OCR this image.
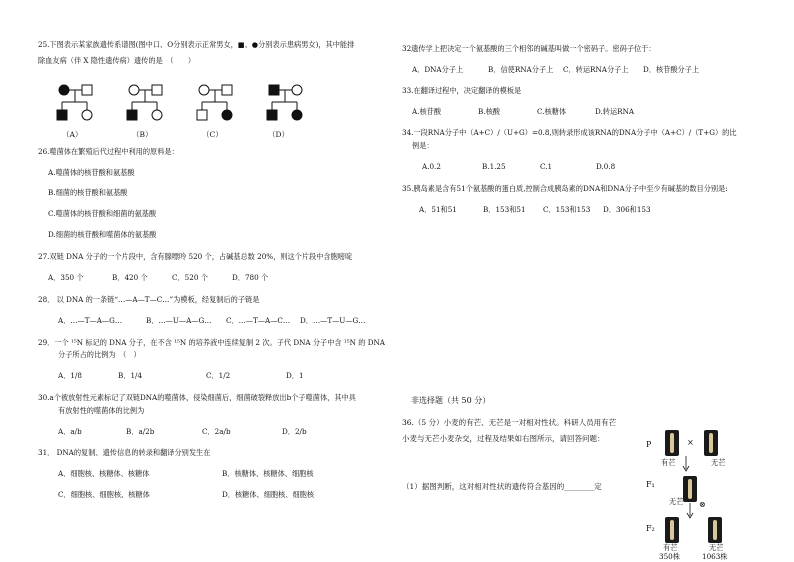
25.下图表示某家族遗传系谱图(图中口、O分别表示正常男女，■、●分别表示患病男女)，其中能排
除血友病（伴 X 隐性遗传病）遗传的是　（　　）
（A）	（B）	（C）	（D）
26.噬菌体在繁殖后代过程中利用的原料是：
A.噬菌体的核苷酸和氨基酸
B.细菌的核苷酸和氨基酸
C.噬菌体的核苷酸和细菌的氨基酸
D.细菌的核苷酸和噬菌体的氨基酸
27.双链 DNA 分子的一个片段中，含有腺嘌呤 520 个，占碱基总数 20%，则这个片段中含胞嘧啶
A．350 个	B．420 个	C．520 个	D．780 个
28． 以 DNA 的一条链“…—A—T—C…”为模板，经复制后的子链是
A．…—T—A—G…	B．…—U—A—G… C．…—T—A—C… D．…—T—U—G…
29．一个 ¹⁵N 标记的 DNA 分子，在不含 ¹⁵N 的培养液中连续复制 2 次。子代 DNA 分子中含 ¹⁵N 的 DNA
分子所占的比例为　（　）
A．1/8	B．1/4	C．1/2	D．1
30.a个被放射性元素标记了双链DNA的噬菌体，侵染细菌后，细菌破裂释放出b个子噬菌体，其中具
有放射性的噬菌体的比例为
A．a/b	B．a/2b	C．2a/b	D．2/b
31． DNA的复制、遗传信息的转录和翻译分别发生在
A．细胞核、核糖体、核糖体	B．核糖体、核糖体、细胞核
C．细胞核、细胞核、核糖体	D．核糖体、细胞核、细胞核
32遗传学上把决定一个氨基酸的三个相邻的碱基叫做一个密码子。密码子位于：
A．DNA分子上	B．信使RNA分子上 C．转运RNA分子上 D．核苷酸分子上
33.在翻译过程中，决定翻译的模板是
A.核苷酸	B.核酸	C.核糖体	D.转运RNA
34.一段RNA分子中（A+C）/（U+G）=0.8,则转录形成该RNA的DNA分子中（A+C）/（T+G）的比
例是：
A.0.2	B.1.25	C.1	D.0.8
35.胰岛素是含有51个氨基酸的蛋白质,控制合成胰岛素的DNA和DNA分子中至少有碱基的数目分别是:
A．51和51	B．153和51 C．153和153 D．306和153
非选择题（共 50 分）
36.（5 分）小麦的有芒、无芒是一对相对性状。科研人员用有芒
小麦与无芒小麦杂交，过程及结果如右图所示，请回答问题：
（1）据图判断，这对相对性状的遗传符合基因的________定
P	×
有芒	无芒
F₁
无芒 ⊗
F₂
有芒	无芒
350株	1063株
